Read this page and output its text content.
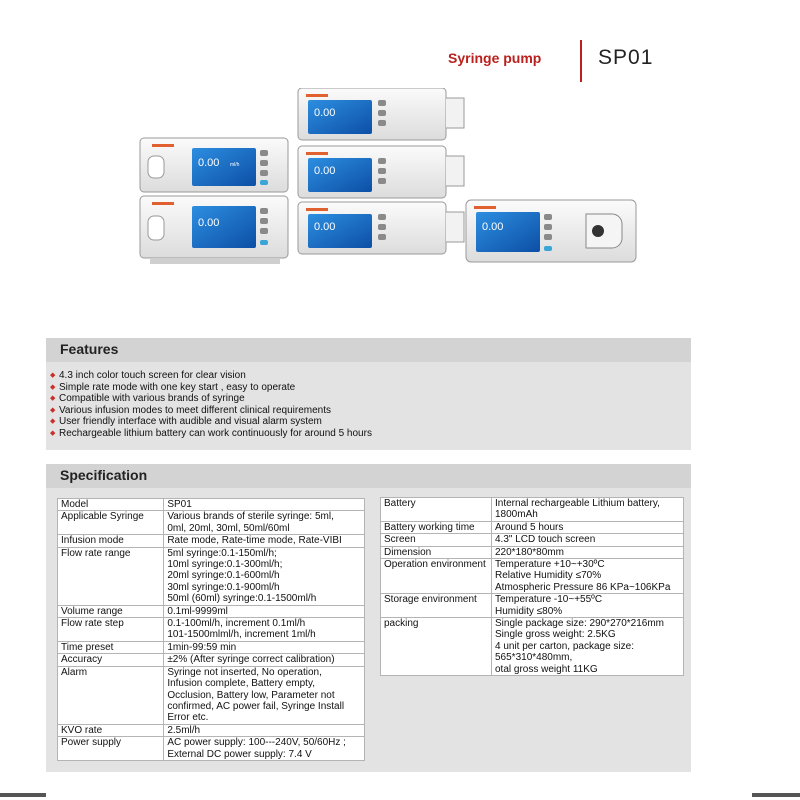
Syringe pump	SP01
0.00 ml/h
0.00
0.00
0.00
0.00	0.00
Features
◆ 4.3 inch color touch screen for clear vision
◆ Simple rate mode with one key start , easy to operate
◆ Compatible with various brands of syringe
◆ Various infusion modes to meet different clinical requirements
◆ User friendly interface with audible and visual alarm system
◆ Rechargeable lithium battery can work continuously for around 5 hours
Specification
Model	SP01

Applicable Syringe	Various brands of sterile syringe: 5ml,
0ml, 20ml, 30ml, 50ml/60ml

Infusion mode	Rate mode, Rate-time mode, Rate-VIBI

Flow rate range	5ml syringe:0.1-150ml/h;
10ml syringe:0.1-300ml/h;
20ml syringe:0.1-600ml/h
30ml syringe:0.1-900ml/h
50ml (60ml) syringe:0.1-1500ml/h

Volume range	0.1ml-9999ml

Flow rate step	0.1-100ml/h, increment 0.1ml/h
101-1500mlml/h, increment 1ml/h

Time preset	1min-99:59 min

Accuracy	±2% (After syringe correct calibration)

Alarm	Syringe not inserted, No operation,
Infusion complete, Battery empty,
Occlusion, Battery low, Parameter not
confirmed, AC power fail, Syringe Install
Error etc.

KVO rate	2.5ml/h

Power supply	AC power supply: 100---240V, 50/60Hz ;
External DC power supply: 7.4 V
Battery	Internal rechargeable Lithium battery,
1800mAh

Battery working time	Around 5 hours

Screen	4.3" LCD touch screen

Dimension	220*180*80mm

Operation environment	Temperature +10~+30ºC
Relative Humidity ≤70%
Atmospheric Pressure 86 KPa~106KPa

Storage environment	Temperature -10~+55ºC
Humidity ≤80%

packing	Single package size: 290*270*216mm
Single gross weight: 2.5KG
4 unit per carton, package size:
565*310*480mm,
otal gross weight 11KG
